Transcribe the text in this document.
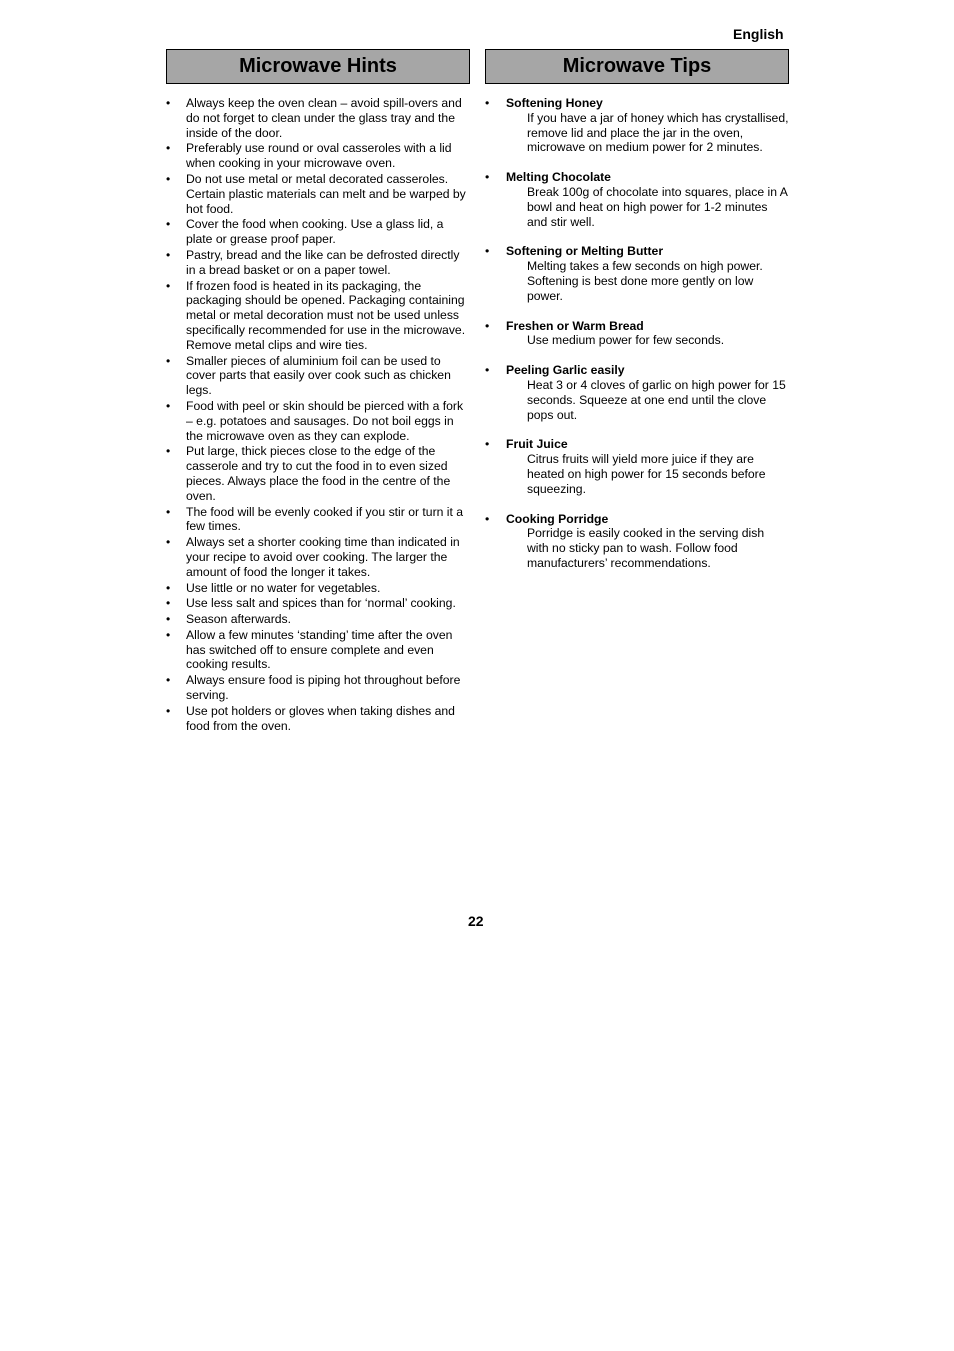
English
Microwave Hints
• Always keep the oven clean – avoid spill-overs and do not forget to clean under the glass tray and the inside of the door.
• Preferably use round or oval casseroles with a lid when cooking in your microwave oven.
• Do not use metal or metal decorated casseroles. Certain plastic materials can melt and be warped by hot food.
• Cover the food when cooking. Use a glass lid, a plate or grease proof paper.
• Pastry, bread and the like can be defrosted directly in a bread basket or on a paper towel.
• If frozen food is heated in its packaging, the packaging should be opened. Packaging containing metal or metal decoration must not be used unless specifically recommended for use in the microwave. Remove metal clips and wire ties.
• Smaller pieces of aluminium foil can be used to cover parts that easily over cook such as chicken legs.
• Food with peel or skin should be pierced with a fork – e.g. potatoes and sausages. Do not boil eggs in the microwave oven as they can explode.
• Put large, thick pieces close to the edge of the casserole and try to cut the food in to even sized pieces. Always place the food in the centre of the oven.
• The food will be evenly cooked if you stir or turn it a few times.
• Always set a shorter cooking time than indicated in your recipe to avoid over cooking. The larger the amount of food the longer it takes.
• Use little or no water for vegetables.
• Use less salt and spices than for ‘normal’ cooking.
• Season afterwards.
• Allow a few minutes ‘standing’ time after the oven has switched off to ensure complete and even cooking results.
• Always ensure food is piping hot throughout before serving.
• Use pot holders or gloves when taking dishes and food from the oven.
Microwave Tips
• Softening Honey
If you have a jar of honey which has crystallised, remove lid and place the jar in the oven, microwave on medium power for 2 minutes.
• Melting Chocolate
Break 100g of chocolate into squares, place in A bowl and heat on high power for 1-2 minutes and stir well.
• Softening or Melting Butter
Melting takes a few seconds on high power. Softening is best done more gently on low power.
• Freshen or Warm Bread
Use medium power for few seconds.
• Peeling Garlic easily
Heat 3 or 4 cloves of garlic on high power for 15 seconds. Squeeze at one end until the clove pops out.
• Fruit Juice
Citrus fruits will yield more juice if they are heated on high power for 15 seconds before squeezing.
• Cooking Porridge
Porridge is easily cooked in the serving dish with no sticky pan to wash. Follow food manufacturers’ recommendations.
22
